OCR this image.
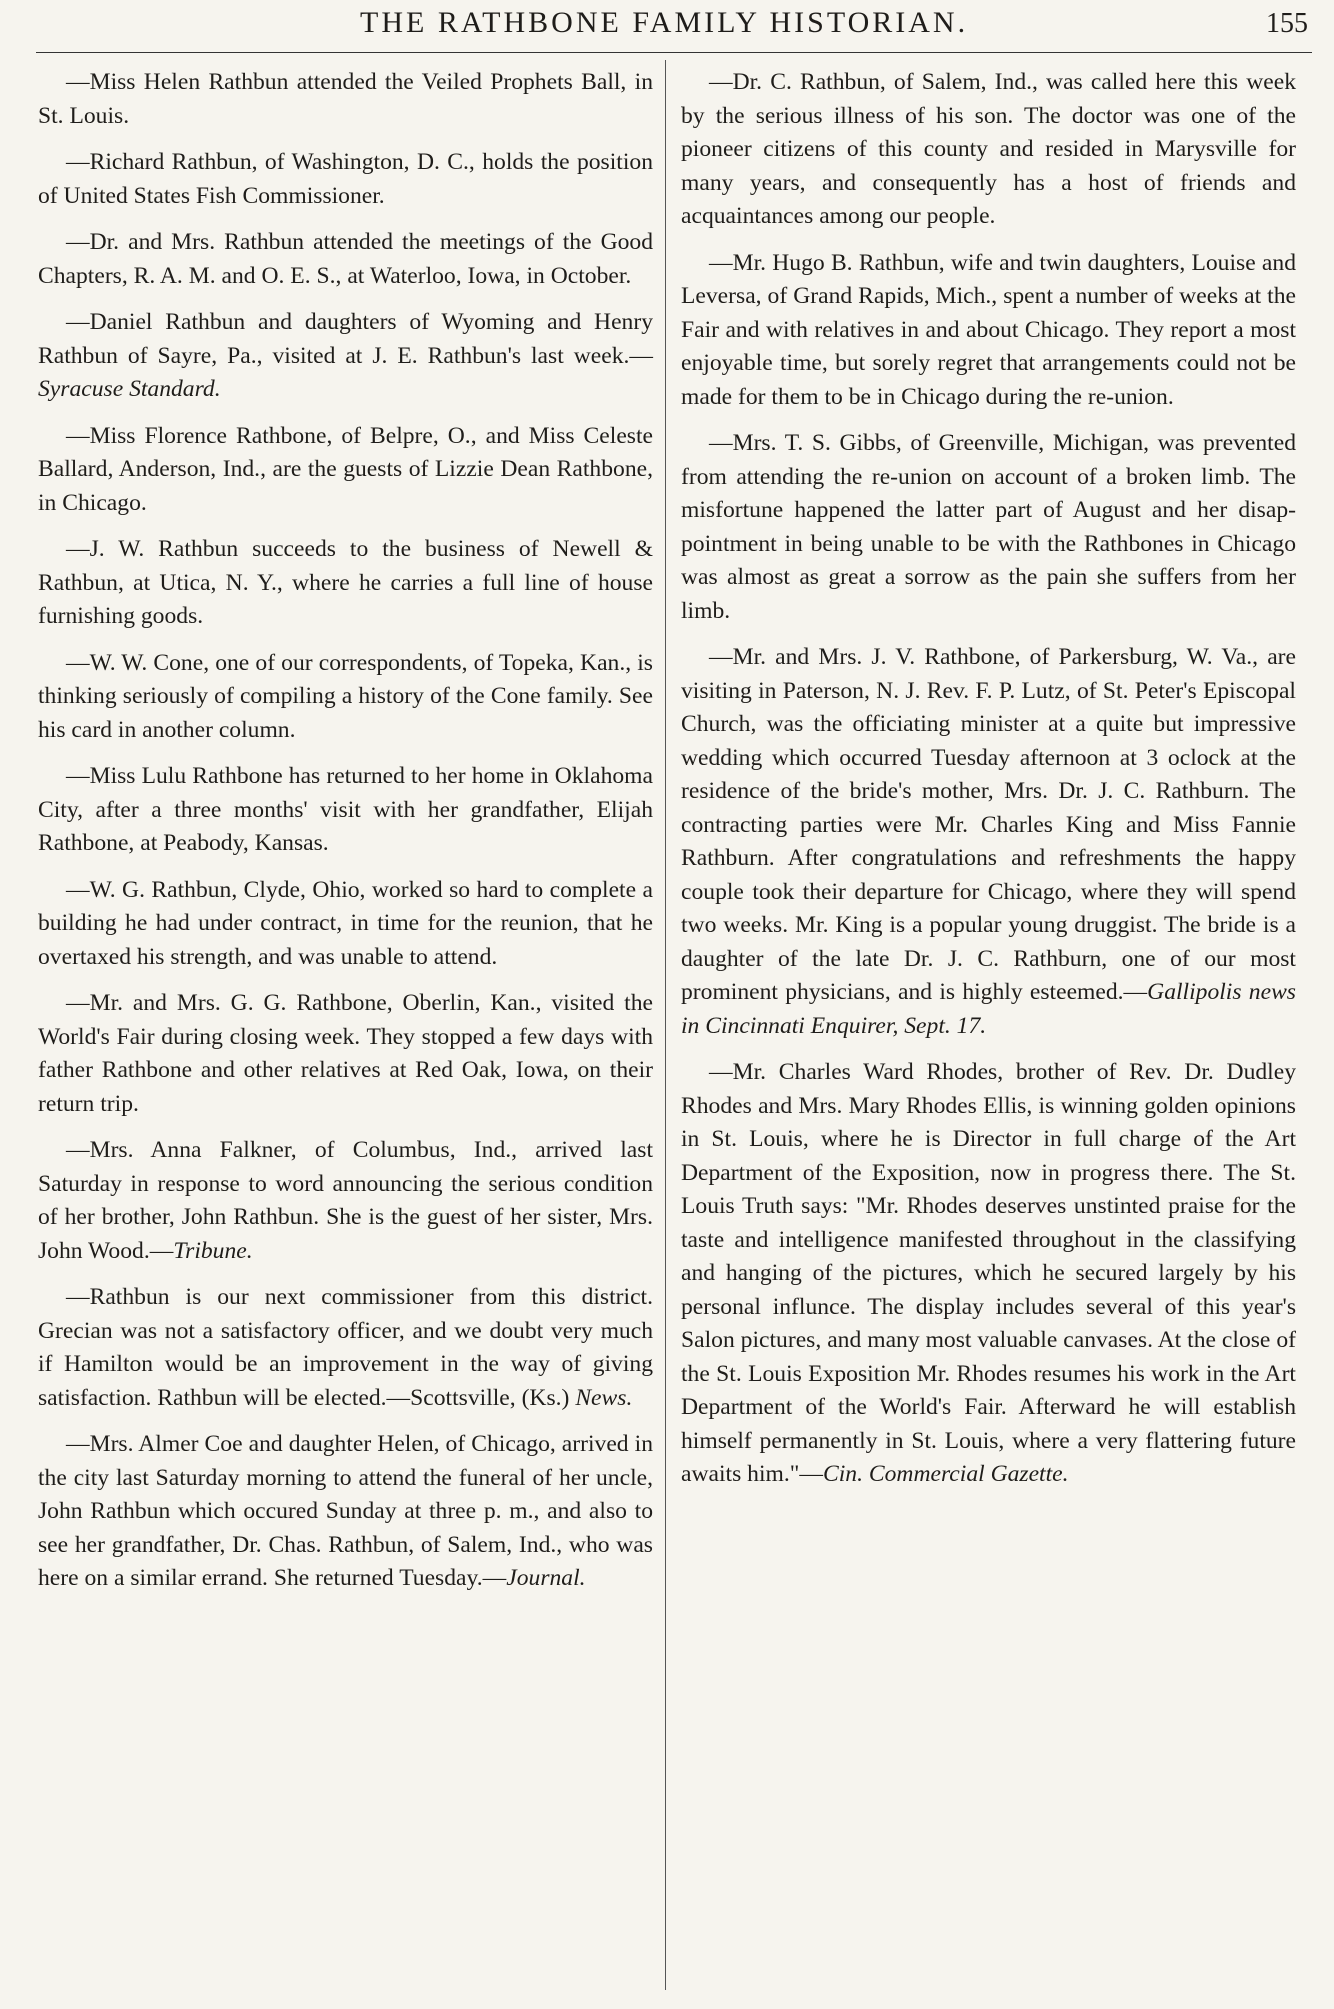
THE RATHBONE FAMILY HISTORIAN.	155

—Miss Helen Rathbun attended the Veiled Prophets Ball, in St. Louis.

—Richard Rathbun, of Washington, D. C., holds the position of United States Fish Commissioner.

—Dr. and Mrs. Rathbun attended the meetings of the Good Chapters, R. A. M. and O. E. S., at Waterloo, Iowa, in October.

—Daniel Rathbun and daughters of Wyoming and Henry Rathbun of Sayre, Pa., visited at J. E. Rathbun's last week.—Syracuse Standard.

—Miss Florence Rathbone, of Belpre, O., and Miss Celeste Ballard, Anderson, Ind., are the guests of Lizzie Dean Rathbone, in Chicago.

—J. W. Rathbun succeeds to the business of Newell & Rathbun, at Utica, N. Y., where he carries a full line of house furnishing goods.

—W. W. Cone, one of our correspondents, of Topeka, Kan., is thinking seriously of compiling a history of the Cone family. See his card in another column.

—Miss Lulu Rathbone has returned to her home in Oklahoma City, after a three months' visit with her grandfather, Elijah Rathbone, at Peabody, Kansas.

—W. G. Rathbun, Clyde, Ohio, worked so hard to complete a building he had under contract, in time for the reunion, that he overtaxed his strength, and was unable to attend.

—Mr. and Mrs. G. G. Rathbone, Oberlin, Kan., visited the World's Fair during closing week. They stopped a few days with father Rathbone and other relatives at Red Oak, Iowa, on their return trip.

—Mrs. Anna Falkner, of Columbus, Ind., arrived last Saturday in response to word announcing the serious condition of her brother, John Rathbun. She is the guest of her sister, Mrs. John Wood.—Tribune.

—Rathbun is our next commissioner from this district. Grecian was not a satisfactory officer, and we doubt very much if Hamilton would be an improvement in the way of giving satisfaction. Rathbun will be elected.—Scottsville, (Ks.) News.

—Mrs. Almer Coe and daughter Helen, of Chicago, arrived in the city last Saturday morning to attend the funeral of her uncle, John Rathbun which occured Sunday at three p. m., and also to see her grandfather, Dr. Chas. Rathbun, of Salem, Ind., who was here on a similar errand. She returned Tuesday.—Journal.

—Dr. C. Rathbun, of Salem, Ind., was called here this week by the serious illness of his son. The doctor was one of the pioneer citizens of this county and resided in Marysville for many years, and consequently has a host of friends and acquaintances among our people.

—Mr. Hugo B. Rathbun, wife and twin daughters, Louise and Leversa, of Grand Rapids, Mich., spent a number of weeks at the Fair and with relatives in and about Chicago. They report a most enjoyable time, but sorely regret that arrangements could not be made for them to be in Chicago during the re-union.

—Mrs. T. S. Gibbs, of Greenville, Michigan, was prevented from attending the re-union on account of a broken limb. The misfortune happened the latter part of August and her disappointment in being unable to be with the Rathbones in Chicago was almost as great a sorrow as the pain she suffers from her limb.

—Mr. and Mrs. J. V. Rathbone, of Parkersburg, W. Va., are visiting in Paterson, N. J. Rev. F. P. Lutz, of St. Peter's Episcopal Church, was the officiating minister at a quite but impressive wedding which occurred Tuesday afternoon at 3 oclock at the residence of the bride's mother, Mrs. Dr. J. C. Rathburn. The contracting parties were Mr. Charles King and Miss Fannie Rathburn. After congratulations and refreshments the happy couple took their departure for Chicago, where they will spend two weeks. Mr. King is a popular young druggist. The bride is a daughter of the late Dr. J. C. Rathburn, one of our most prominent physicians, and is highly esteemed.—Gallipolis news in Cincinnati Enquirer, Sept. 17.

—Mr. Charles Ward Rhodes, brother of Rev. Dr. Dudley Rhodes and Mrs. Mary Rhodes Ellis, is winning golden opinions in St. Louis, where he is Director in full charge of the Art Department of the Exposition, now in progress there. The St. Louis Truth says: "Mr. Rhodes deserves unstinted praise for the taste and intelligence manifested throughout in the classifying and hanging of the pictures, which he secured largely by his personal influnce. The display includes several of this year's Salon pictures, and many most valuable canvases. At the close of the St. Louis Exposition Mr. Rhodes resumes his work in the Art Department of the World's Fair. Afterward he will establish himself permanently in St. Louis, where a very flattering future awaits him."—Cin. Commercial Gazette.
